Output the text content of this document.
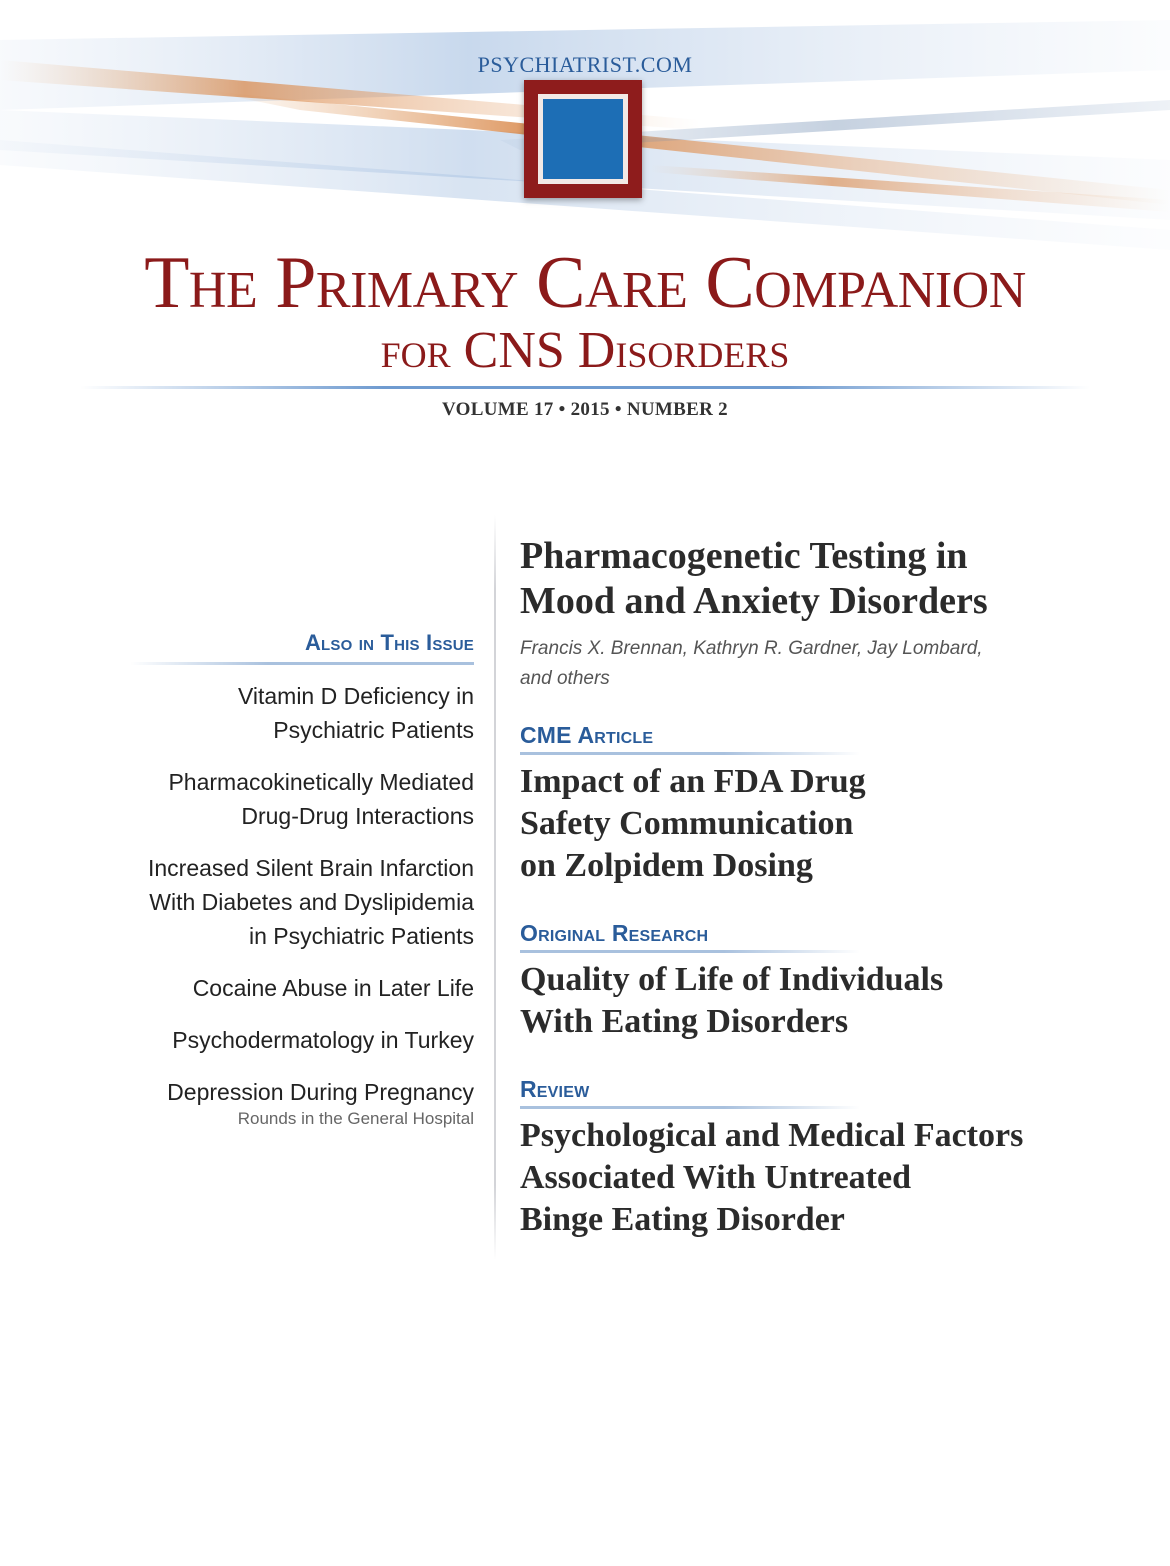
PSYCHIATRIST.COM
The Primary Care Companion
for CNS Disorders
VOLUME 17 • 2015 • NUMBER 2
Also in This Issue
Vitamin D Deficiency in
Psychiatric Patients
Pharmacokinetically Mediated
Drug-Drug Interactions
Increased Silent Brain Infarction
With Diabetes and Dyslipidemia
in Psychiatric Patients
Cocaine Abuse in Later Life
Psychodermatology in Turkey
Depression During Pregnancy
Rounds in the General Hospital
Pharmacogenetic Testing in
Mood and Anxiety Disorders
Francis X. Brennan, Kathryn R. Gardner, Jay Lombard,
and others
CME Article
Impact of an FDA Drug
Safety Communication
on Zolpidem Dosing
Original Research
Quality of Life of Individuals
With Eating Disorders
Review
Psychological and Medical Factors
Associated With Untreated
Binge Eating Disorder
